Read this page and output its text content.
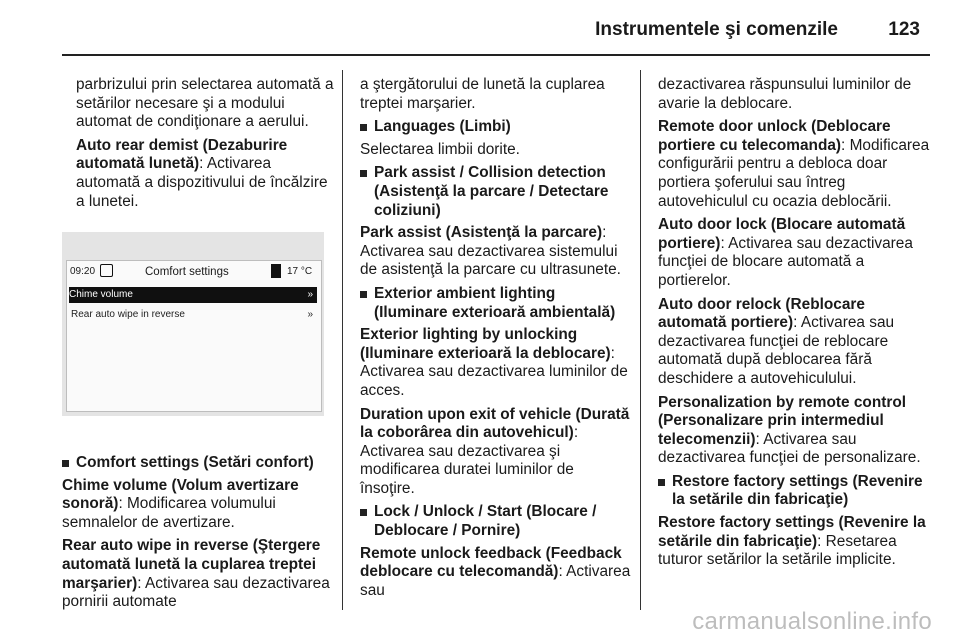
Instrumentele şi comenzile	123

parbrizului prin selectarea automată a setărilor necesare şi a modului automat de condiţionare a aerului.

Auto rear demist (Dezaburire automată lunetă): Activarea automată a dispozitivului de încălzire a lunetei.

09:20	Comfort settings	17 °C
Chime volume	»
Rear auto wipe in reverse	»
Comfort settings (Setări confort)

Chime volume (Volum avertizare sonoră): Modificarea volumului semnalelor de avertizare.

Rear auto wipe in reverse (Ştergere automată lunetă la cuplarea treptei marşarier): Activarea sau dezactivarea pornirii automate

a ştergătorului de lunetă la cuplarea treptei marşarier.

Languages (Limbi)

Selectarea limbii dorite.

Park assist / Collision detection (Asistenţă la parcare / Detectare coliziuni)

Park assist (Asistenţă la parcare): Activarea sau dezactivarea sistemului de asistenţă la parcare cu ultrasunete.

Exterior ambient lighting (Iluminare exterioară ambientală)

Exterior lighting by unlocking (Iluminare exterioară la deblocare): Activarea sau dezactivarea luminilor de acces.

Duration upon exit of vehicle (Durată la coborârea din autovehicul): Activarea sau dezactivarea şi modificarea duratei luminilor de însoţire.

Lock / Unlock / Start (Blocare / Deblocare / Pornire)

Remote unlock feedback (Feedback deblocare cu telecomandă): Activarea sau

dezactivarea răspunsului luminilor de avarie la deblocare.

Remote door unlock (Deblocare portiere cu telecomanda): Modificarea configurării pentru a debloca doar portiera şoferului sau întreg autovehiculul cu ocazia deblocării.

Auto door lock (Blocare automată portiere): Activarea sau dezactivarea funcţiei de blocare automată a portierelor.

Auto door relock (Reblocare automată portiere): Activarea sau dezactivarea funcţiei de reblocare automată după deblocarea fără deschidere a autovehiculului.

Personalization by remote control (Personalizare prin intermediul telecomenzii): Activarea sau dezactivarea funcţiei de personalizare.

Restore factory settings (Revenire la setările din fabricaţie)

Restore factory settings (Revenire la setările din fabricaţie): Resetarea tuturor setărilor la setările implicite.

carmanualsonline.info
